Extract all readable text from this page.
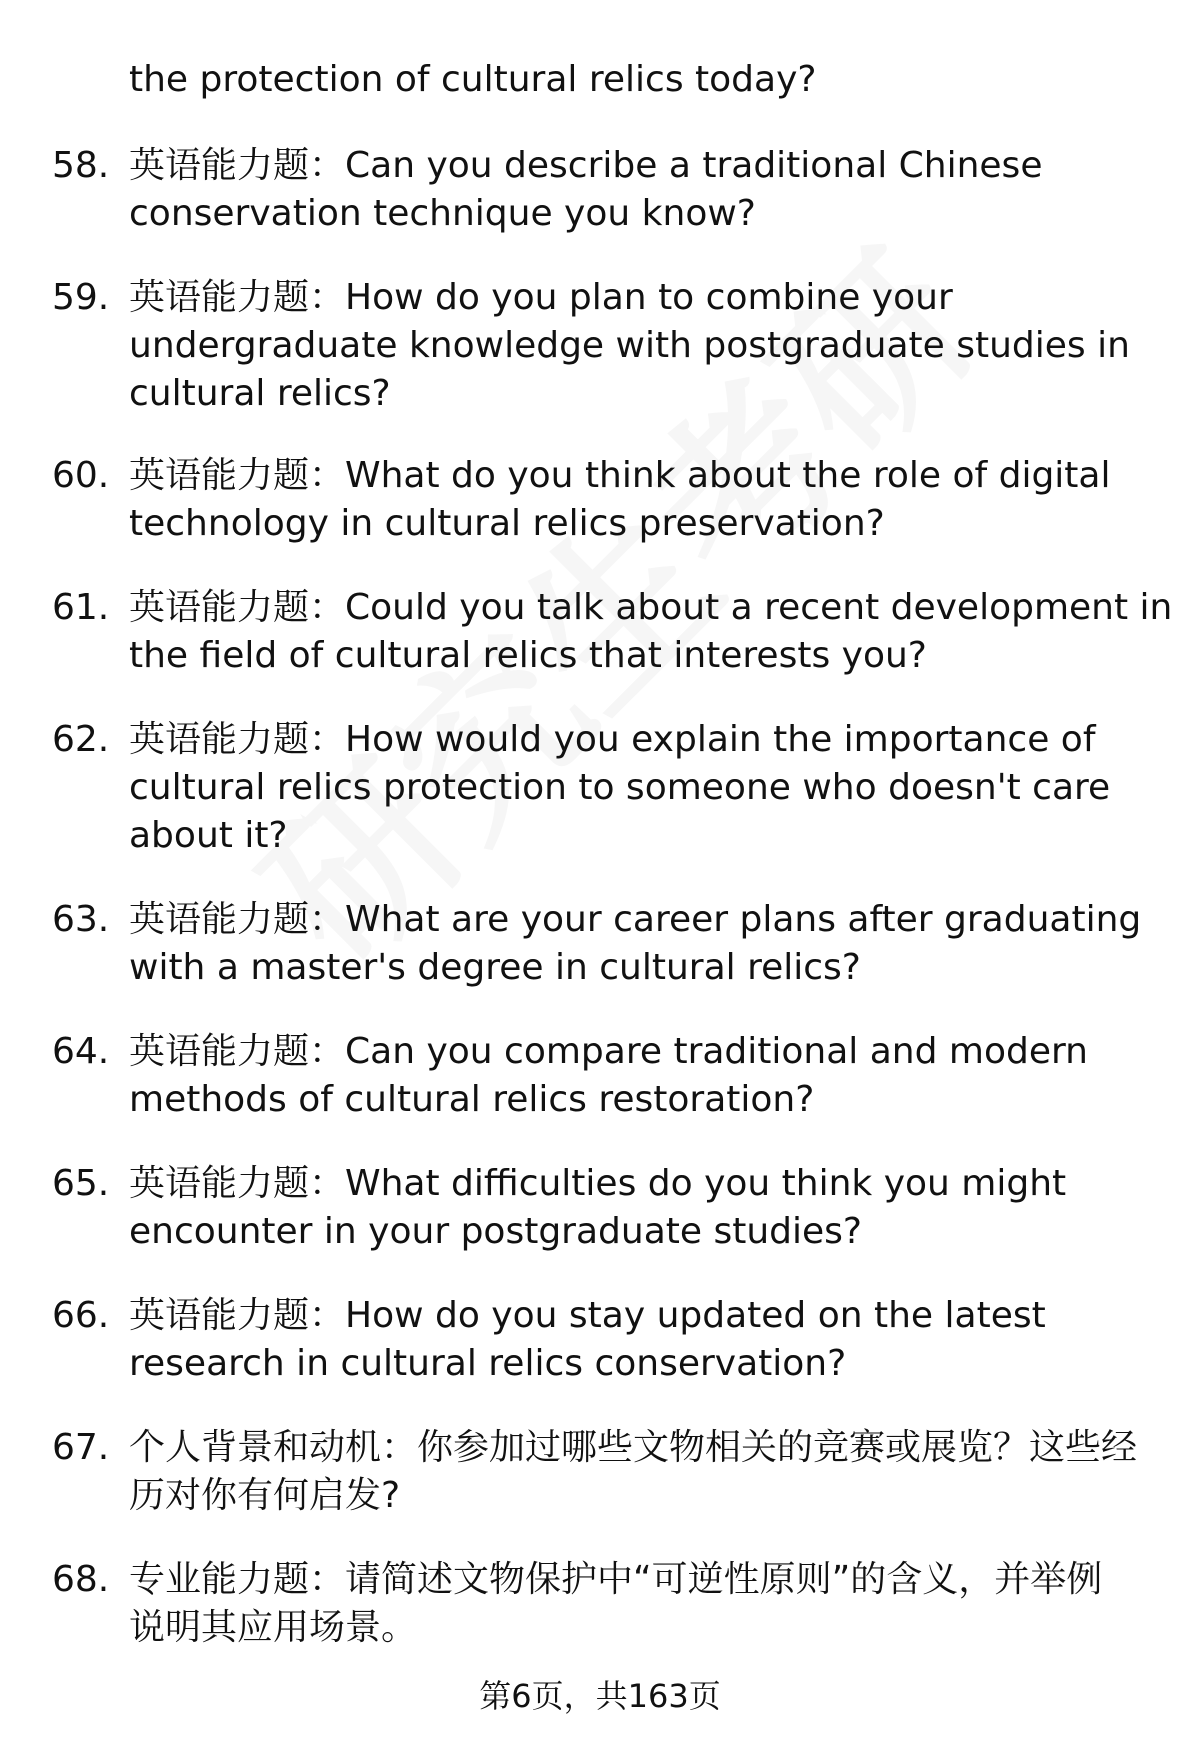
the protection of cultural relics today?
58. 英语能力题：Can you describe a traditional Chinese
conservation technique you know?
59. 英语能力题：How do you plan to combine your
undergraduate knowledge with postgraduate studies in
cultural relics?
60. 英语能力题：What do you think about the role of digital
technology in cultural relics preservation?
61. 英语能力题：Could you talk about a recent development in
the field of cultural relics that interests you?
62. 英语能力题：How would you explain the importance of
cultural relics protection to someone who doesn't care
about it?
63. 英语能力题：What are your career plans after graduating
with a master's degree in cultural relics?
64. 英语能力题：Can you compare traditional and modern
methods of cultural relics restoration?
65. 英语能力题：What difficulties do you think you might
encounter in your postgraduate studies?
66. 英语能力题：How do you stay updated on the latest
research in cultural relics conservation?
67. 个人背景和动机：你参加过哪些文物相关的竞赛或展览？这些经
历对你有何启发?
68. 专业能力题：请简述文物保护中“可逆性原则”的含义，并举例
说明其应用场景。
第6页，共163页
